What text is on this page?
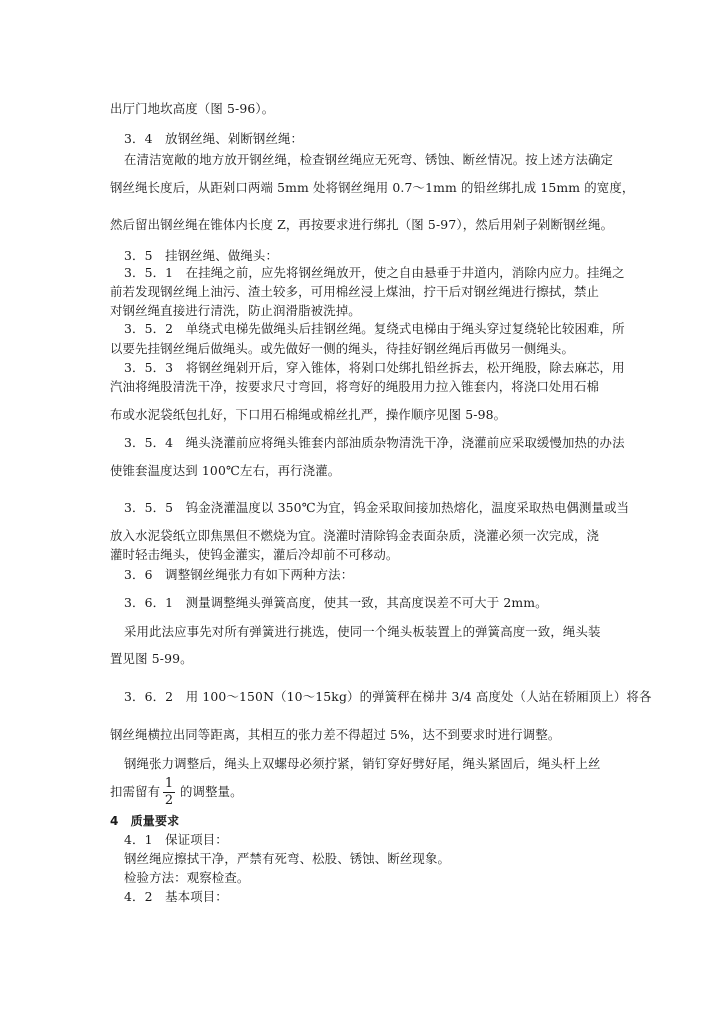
出厅门地坎高度（图 5-96）。
3．4　放钢丝绳、剁断钢丝绳：
在清洁宽敞的地方放开钢丝绳，检查钢丝绳应无死弯、锈蚀、断丝情况。按上述方法确定
钢丝绳长度后，从距剁口两端 5mm 处将钢丝绳用 0.7～1mm 的铅丝绑扎成 15mm 的宽度，
然后留出钢丝绳在锥体内长度 Z，再按要求进行绑扎（图 5-97），然后用剁子剁断钢丝绳。
3．5　挂钢丝绳、做绳头：
3．5．1　在挂绳之前，应先将钢丝绳放开，使之自由悬垂于井道内，消除内应力。挂绳之
前若发现钢丝绳上油污、渣土较多，可用棉丝浸上煤油，拧干后对钢丝绳进行擦拭，禁止
对钢丝绳直接进行清洗，防止润滑脂被洗掉。
3．5．2　单绕式电梯先做绳头后挂钢丝绳。复绕式电梯由于绳头穿过复绕轮比较困难，所
以要先挂钢丝绳后做绳头。或先做好一侧的绳头，待挂好钢丝绳后再做另一侧绳头。
3．5．3　将钢丝绳剁开后，穿入锥体，将剁口处绑扎铅丝拆去，松开绳股，除去麻芯，用
汽油将绳股清洗干净，按要求尺寸弯回，将弯好的绳股用力拉入锥套内，将浇口处用石棉
布或水泥袋纸包扎好，下口用石棉绳或棉丝扎严，操作顺序见图 5-98。
3．5．4　绳头浇灌前应将绳头锥套内部油质杂物清洗干净，浇灌前应采取缓慢加热的办法
使锥套温度达到 100℃左右，再行浇灌。
3．5．5　钨金浇灌温度以 350℃为宜，钨金采取间接加热熔化，温度采取热电偶测量或当
放入水泥袋纸立即焦黑但不燃烧为宜。浇灌时清除钨金表面杂质，浇灌必须一次完成，浇
灌时轻击绳头，使钨金灌实，灌后冷却前不可移动。
3．6　调整钢丝绳张力有如下两种方法：
3．6．1　测量调整绳头弹簧高度，使其一致，其高度误差不可大于 2mm。
采用此法应事先对所有弹簧进行挑选，使同一个绳头板装置上的弹簧高度一致，绳头装
置见图 5-99。
3．6．2　用 100～150N（10～15kg）的弹簧秤在梯井 3/4 高度处（人站在轿厢顶上）将各
钢丝绳横拉出同等距离，其相互的张力差不得超过 5%，达不到要求时进行调整。
钢绳张力调整后，绳头上双螺母必须拧紧，销钉穿好劈好尾，绳头紧固后，绳头杆上丝
扣需留有
1
2
的调整量。
4　质量要求
4．1　保证项目：
钢丝绳应擦拭干净，严禁有死弯、松股、锈蚀、断丝现象。
检验方法：观察检查。
4．2　基本项目：
